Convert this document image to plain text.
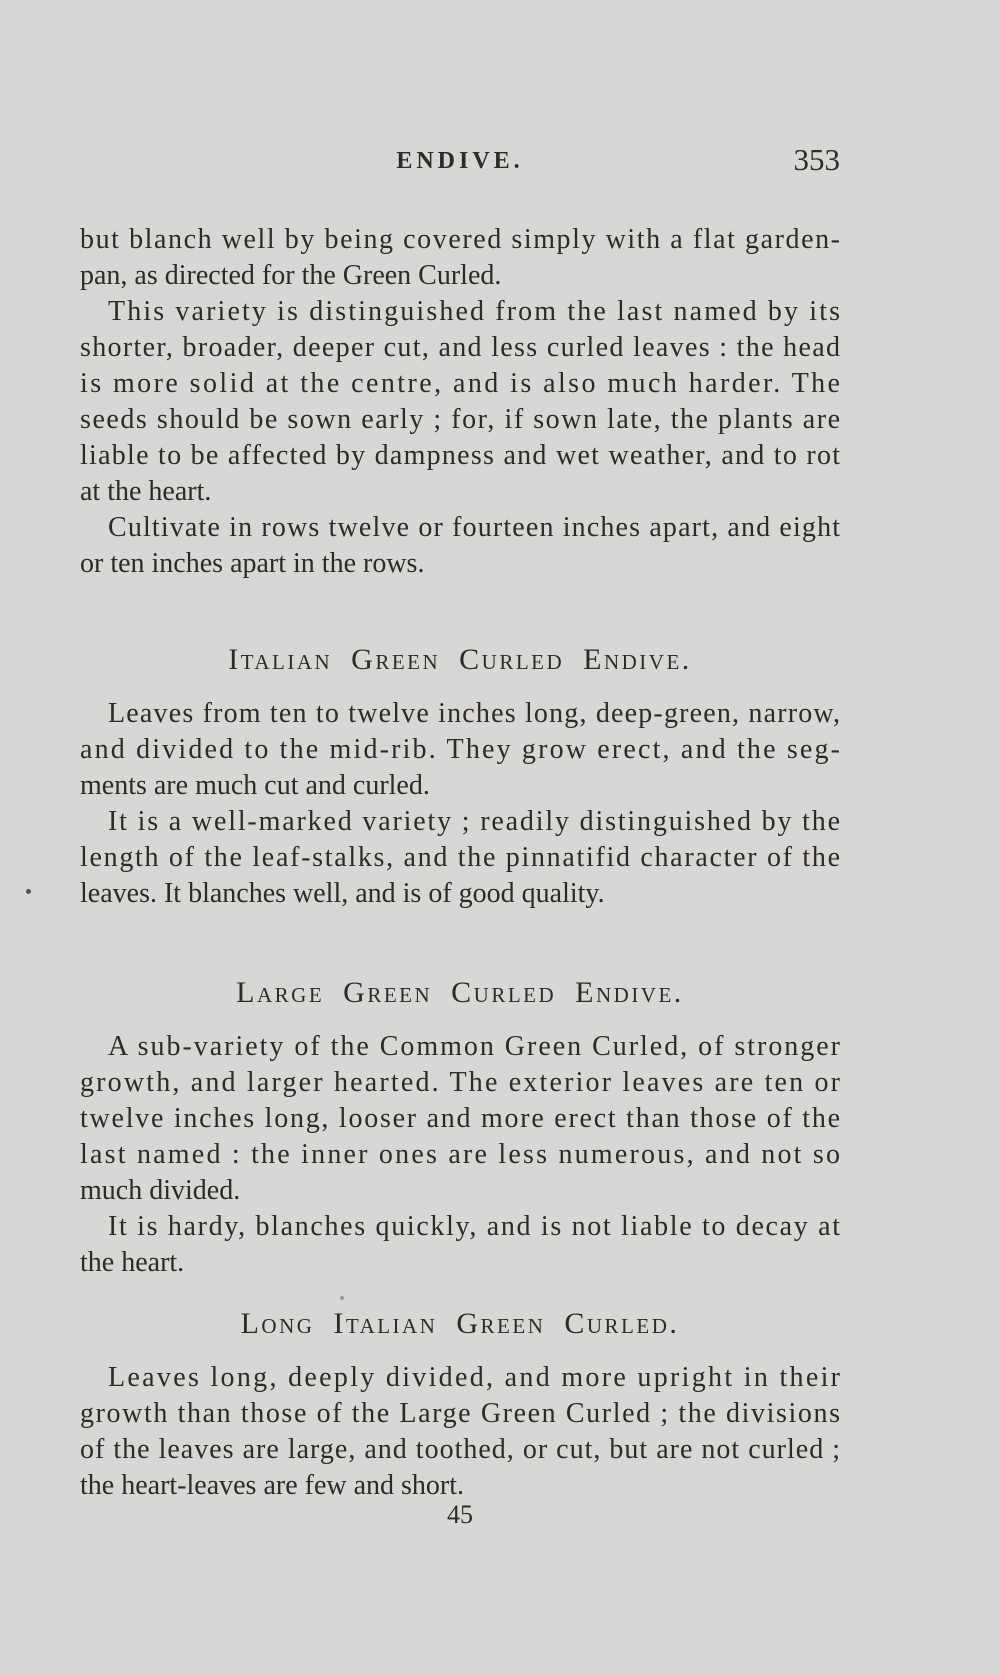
ENDIVE.	353
Italian Green Curled Endive.
Large Green Curled Endive.
Long Italian Green Curled.
but blanch well by being covered simply with a flat garden-
pan, as directed for the Green Curled.
This variety is distinguished from the last named by its
shorter, broader, deeper cut, and less curled leaves : the head
is more solid at the centre, and is also much harder. The
seeds should be sown early ; for, if sown late, the plants are
liable to be affected by dampness and wet weather, and to rot
at the heart.
Cultivate in rows twelve or fourteen inches apart, and eight
or ten inches apart in the rows.
Leaves from ten to twelve inches long, deep-green, narrow,
and divided to the mid-rib. They grow erect, and the seg-
ments are much cut and curled.
It is a well-marked variety ; readily distinguished by the
length of the leaf-stalks, and the pinnatifid character of the
leaves. It blanches well, and is of good quality.
A sub-variety of the Common Green Curled, of stronger
growth, and larger hearted. The exterior leaves are ten or
twelve inches long, looser and more erect than those of the
last named : the inner ones are less numerous, and not so
much divided.
It is hardy, blanches quickly, and is not liable to decay at
the heart.
Leaves long, deeply divided, and more upright in their
growth than those of the Large Green Curled ; the divisions
of the leaves are large, and toothed, or cut, but are not curled ;
the heart-leaves are few and short.
45
